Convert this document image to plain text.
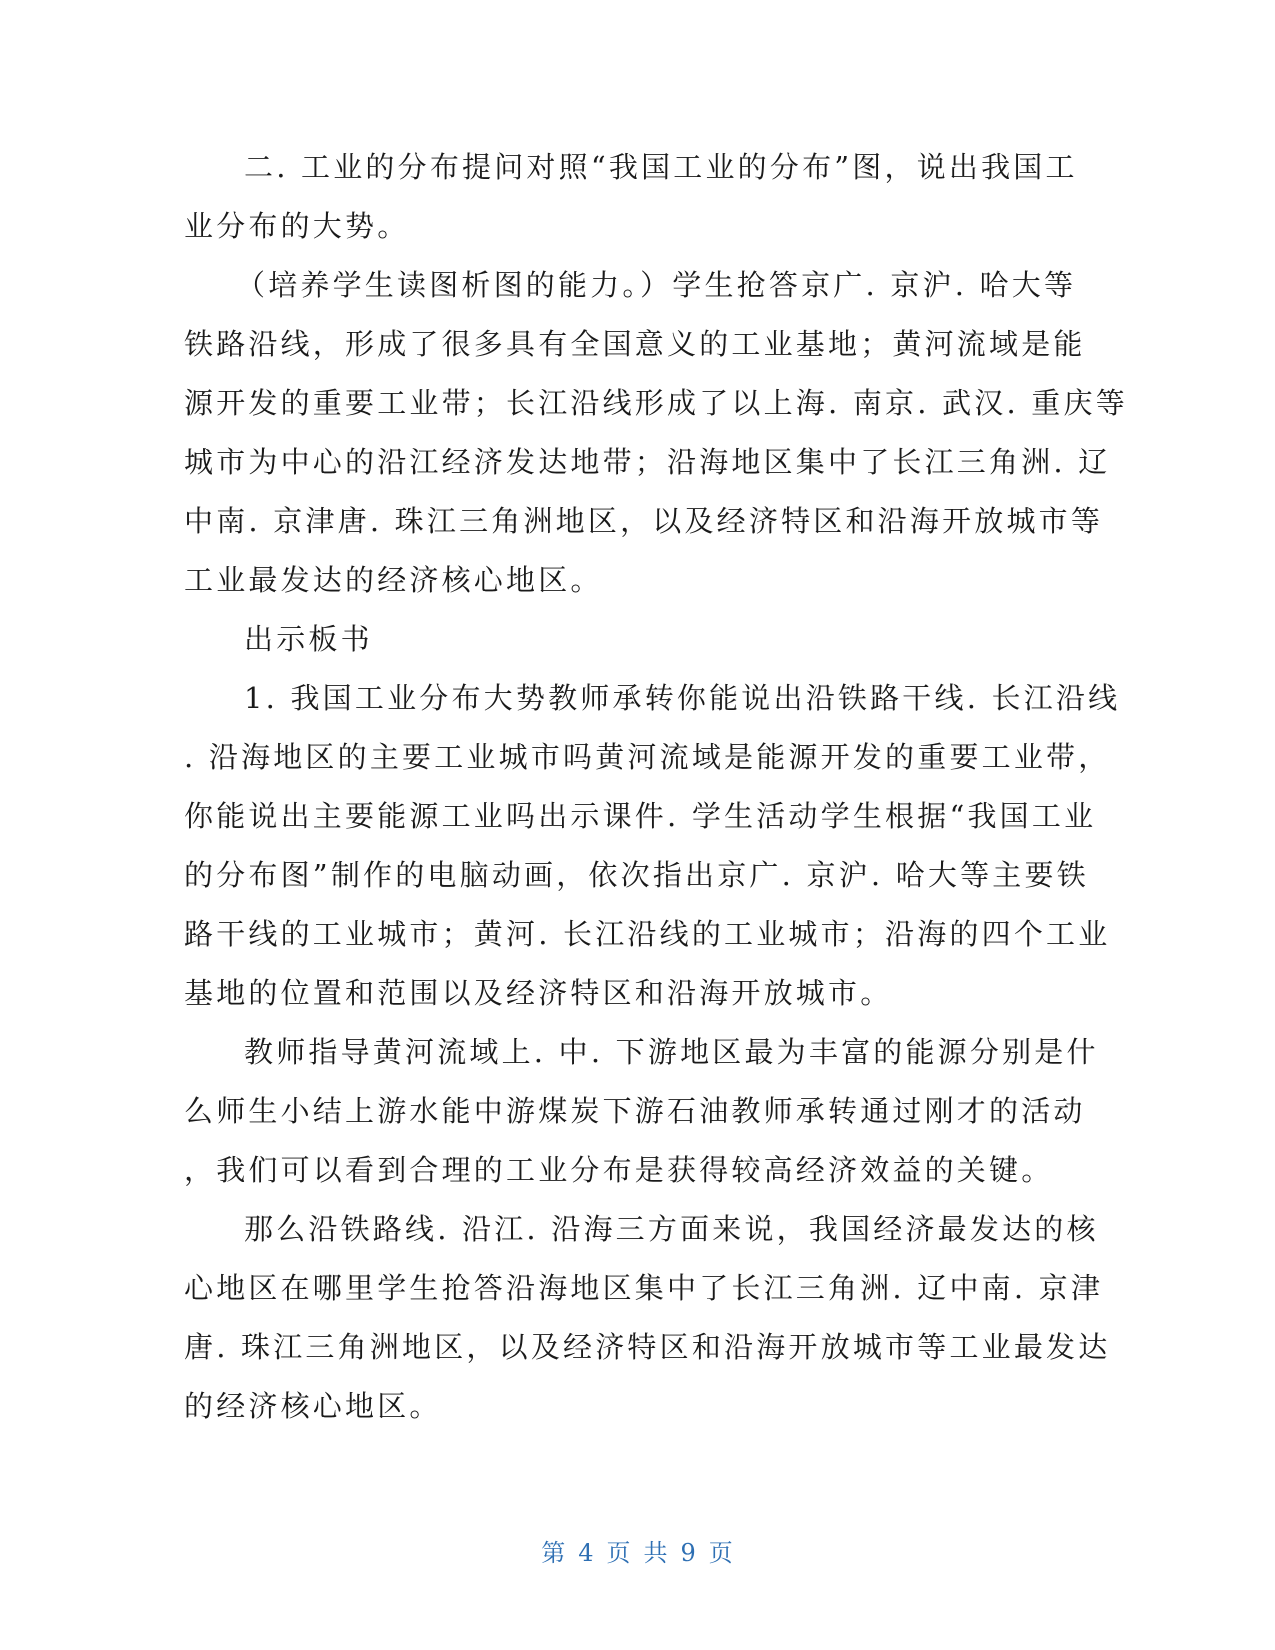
二. 工业的分布提问对照“我国工业的分布”图，说出我国工
业分布的大势。
（培养学生读图析图的能力。）学生抢答京广. 京沪. 哈大等
铁路沿线，形成了很多具有全国意义的工业基地；黄河流域是能
源开发的重要工业带；长江沿线形成了以上海. 南京. 武汉. 重庆等
城市为中心的沿江经济发达地带；沿海地区集中了长江三角洲. 辽
中南. 京津唐. 珠江三角洲地区，以及经济特区和沿海开放城市等
工业最发达的经济核心地区。
出示板书
1. 我国工业分布大势教师承转你能说出沿铁路干线. 长江沿线
. 沿海地区的主要工业城市吗黄河流域是能源开发的重要工业带，
你能说出主要能源工业吗出示课件. 学生活动学生根据“我国工业
的分布图”制作的电脑动画，依次指出京广. 京沪. 哈大等主要铁
路干线的工业城市；黄河. 长江沿线的工业城市；沿海的四个工业
基地的位置和范围以及经济特区和沿海开放城市。
教师指导黄河流域上. 中. 下游地区最为丰富的能源分别是什
么师生小结上游水能中游煤炭下游石油教师承转通过刚才的活动
，我们可以看到合理的工业分布是获得较高经济效益的关键。
那么沿铁路线. 沿江. 沿海三方面来说，我国经济最发达的核
心地区在哪里学生抢答沿海地区集中了长江三角洲. 辽中南. 京津
唐. 珠江三角洲地区，以及经济特区和沿海开放城市等工业最发达
的经济核心地区。
第 4 页 共 9 页
